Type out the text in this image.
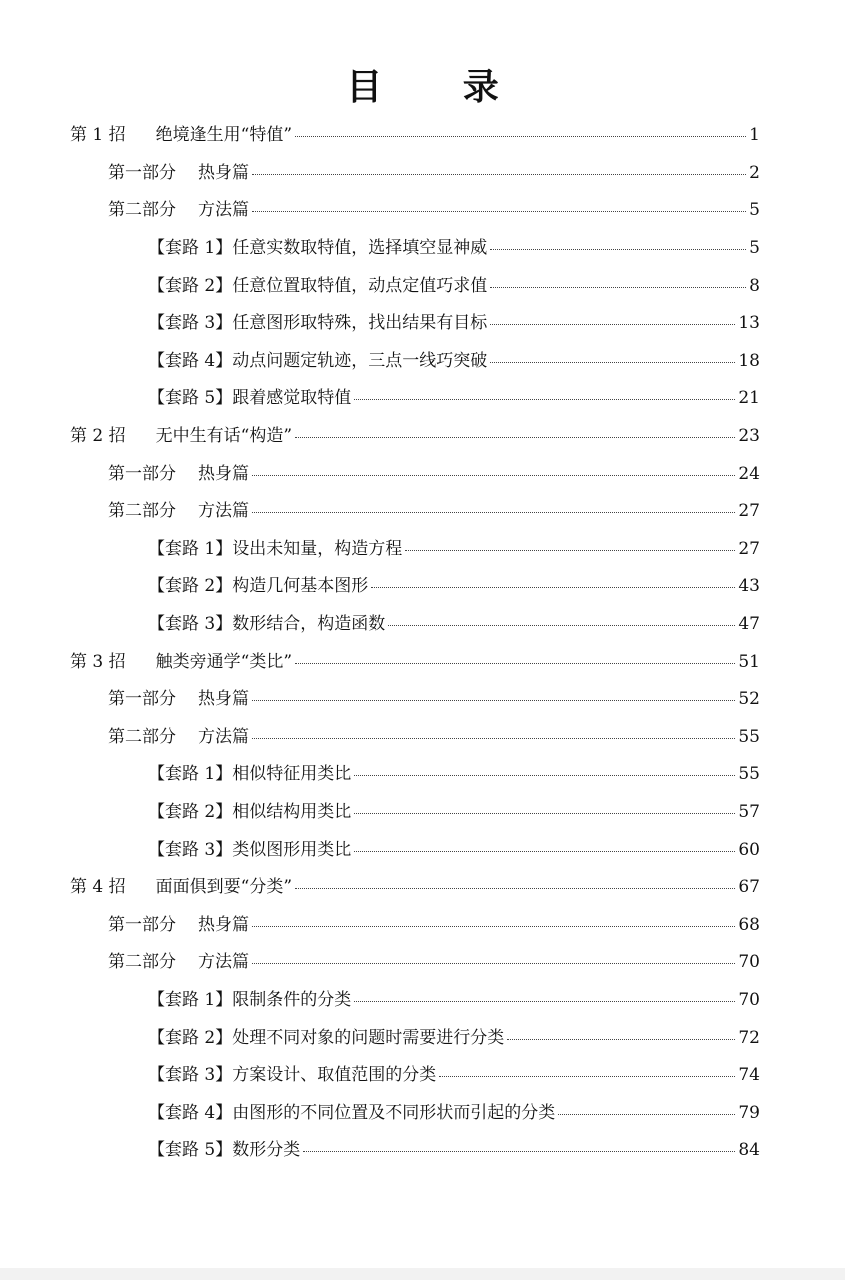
目 录
第 1 招 绝境逢生用“特值”	1
第一部分 热身篇	2
第二部分 方法篇	5
【套路 1】任意实数取特值，选择填空显神威	5
【套路 2】任意位置取特值，动点定值巧求值	8
【套路 3】任意图形取特殊，找出结果有目标	13
【套路 4】动点问题定轨迹，三点一线巧突破	18
【套路 5】跟着感觉取特值	21
第 2 招 无中生有话“构造”	23
第一部分 热身篇	24
第二部分 方法篇	27
【套路 1】设出未知量，构造方程	27
【套路 2】构造几何基本图形	43
【套路 3】数形结合，构造函数	47
第 3 招 触类旁通学“类比”	51
第一部分 热身篇	52
第二部分 方法篇	55
【套路 1】相似特征用类比	55
【套路 2】相似结构用类比	57
【套路 3】类似图形用类比	60
第 4 招 面面俱到要“分类”	67
第一部分 热身篇	68
第二部分 方法篇	70
【套路 1】限制条件的分类	70
【套路 2】处理不同对象的问题时需要进行分类	72
【套路 3】方案设计、取值范围的分类	74
【套路 4】由图形的不同位置及不同形状而引起的分类	79
【套路 5】数形分类	84
